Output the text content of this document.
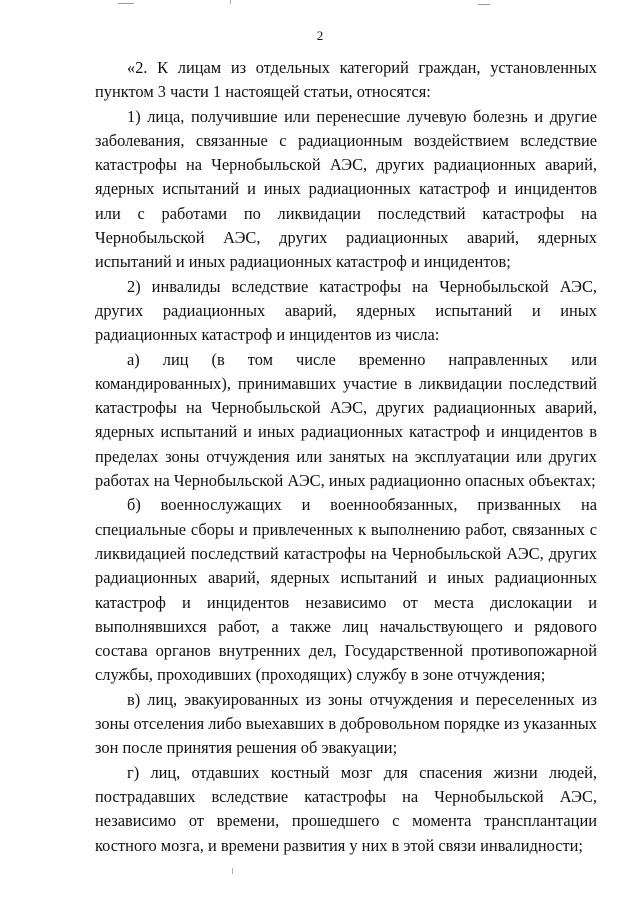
2

«2. К лицам из отдельных категорий граждан, установленных пунктом 3 части 1 настоящей статьи, относятся:

1) лица, получившие или перенесшие лучевую болезнь и другие заболевания, связанные с радиационным воздействием вследствие катастрофы на Чернобыльской АЭС, других радиационных аварий, ядерных испытаний и иных радиационных катастроф и инцидентов или с работами по ликвидации последствий катастрофы на Чернобыльской АЭС, других радиационных аварий, ядерных испытаний и иных радиационных катастроф и инцидентов;

2) инвалиды вследствие катастрофы на Чернобыльской АЭС, других радиационных аварий, ядерных испытаний и иных радиационных катастроф и инцидентов из числа:

а) лиц (в том числе временно направленных или командированных), принимавших участие в ликвидации последствий катастрофы на Чернобыльской АЭС, других радиационных аварий, ядерных испытаний и иных радиационных катастроф и инцидентов в пределах зоны отчуждения или занятых на эксплуатации или других работах на Чернобыльской АЭС, иных радиационно опасных объектах;

б) военнослужащих и военнообязанных, призванных на специальные сборы и привлеченных к выполнению работ, связанных с ликвидацией последствий катастрофы на Чернобыльской АЭС, других радиационных аварий, ядерных испытаний и иных радиационных катастроф и инцидентов независимо от места дислокации и выполнявшихся работ, а также лиц начальствующего и рядового состава органов внутренних дел, Государственной противопожарной службы, проходивших (проходящих) службу в зоне отчуждения;

в) лиц, эвакуированных из зоны отчуждения и переселенных из зоны отселения либо выехавших в добровольном порядке из указанных зон после принятия решения об эвакуации;

г) лиц, отдавших костный мозг для спасения жизни людей, пострадавших вследствие катастрофы на Чернобыльской АЭС, независимо от времени, прошедшего с момента трансплантации костного мозга, и времени развития у них в этой связи инвалидности;
